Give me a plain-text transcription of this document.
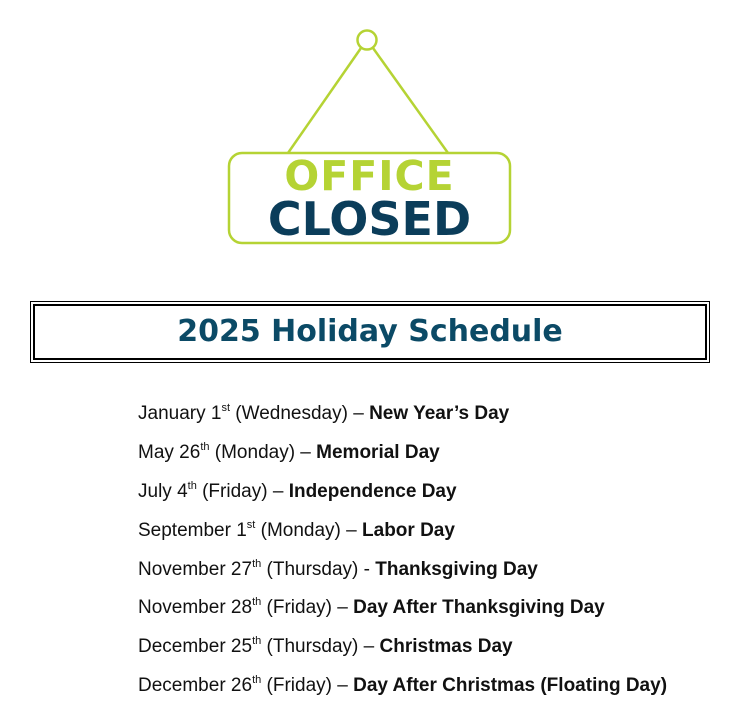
OFFICE
CLOSED
2025 Holiday Schedule
January 1st (Wednesday) – New Year’s Day
May 26th (Monday) – Memorial Day
July 4th (Friday) – Independence Day
September 1st (Monday) – Labor Day
November 27th (Thursday) - Thanksgiving Day
November 28th (Friday) – Day After Thanksgiving Day
December 25th (Thursday) – Christmas Day
December 26th (Friday) – Day After Christmas (Floating Day)
